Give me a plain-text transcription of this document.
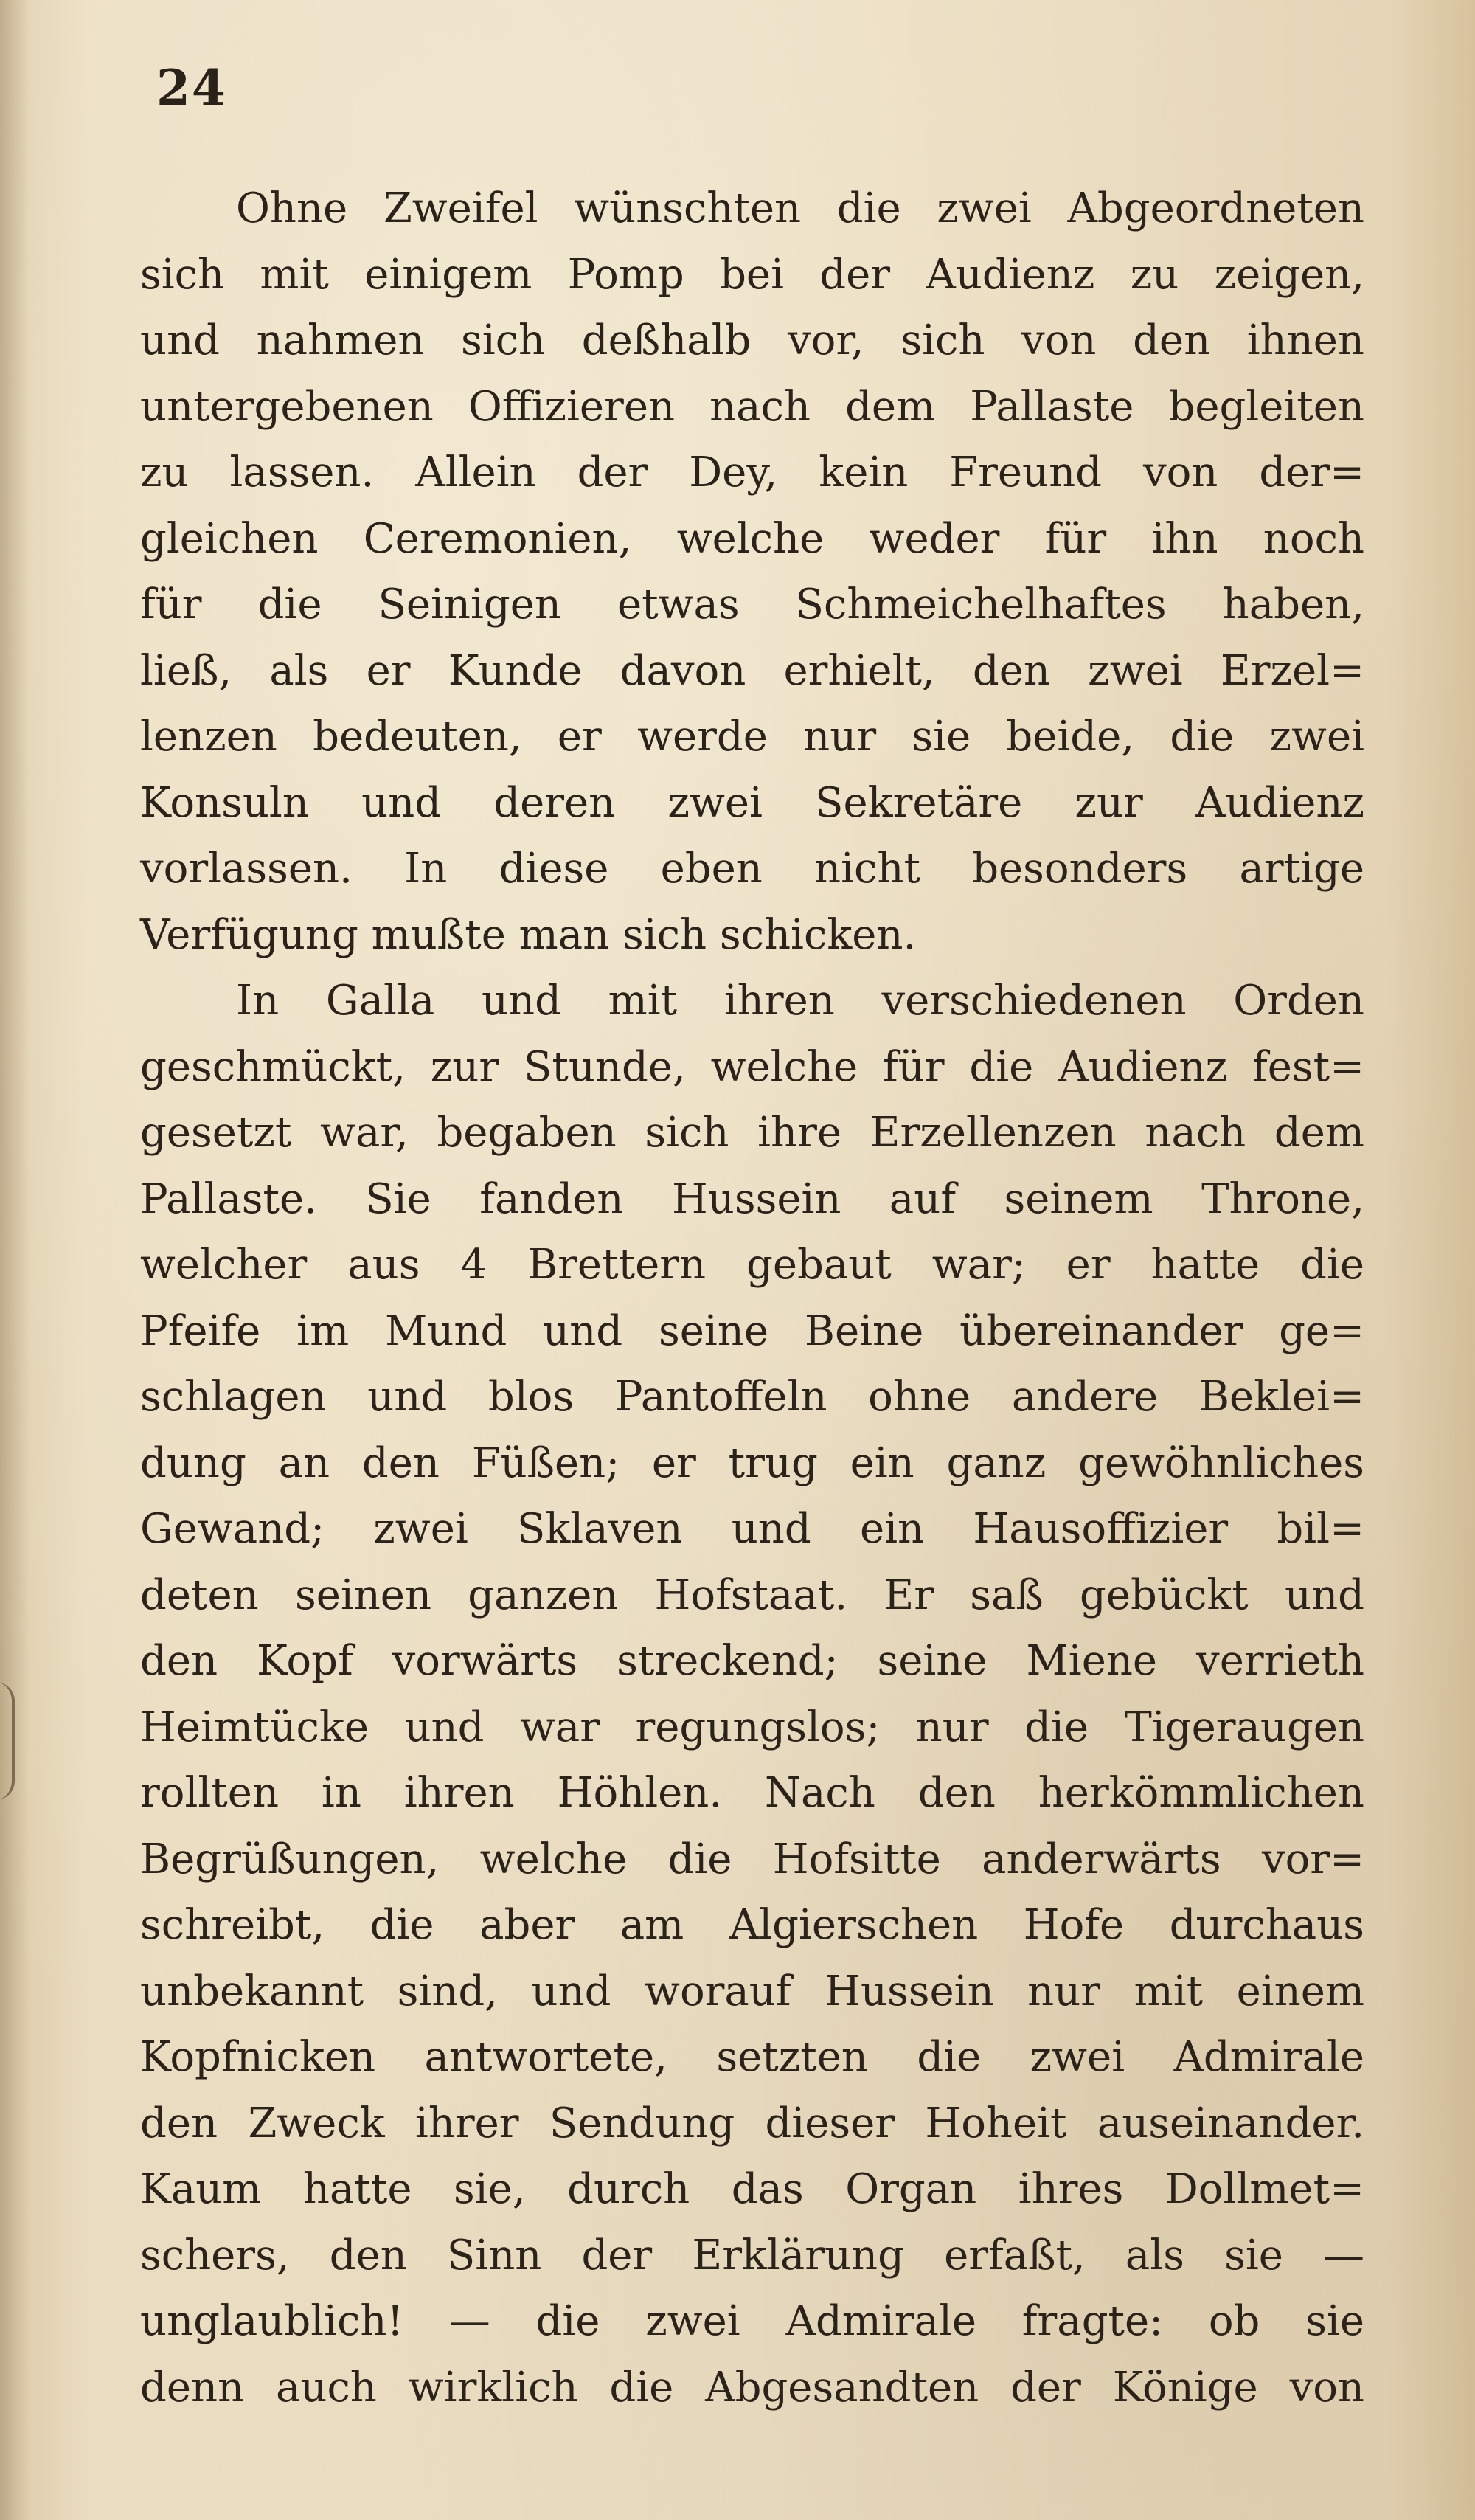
24
Ohne Zweifel wünschten die zwei Abgeordneten
sich mit einigem Pomp bei der Audienz zu zeigen,
und nahmen sich deßhalb vor, sich von den ihnen
untergebenen Offizieren nach dem Pallaste begleiten
zu lassen. Allein der Dey, kein Freund von der=
gleichen Ceremonien, welche weder für ihn noch
für die Seinigen etwas Schmeichelhaftes haben,
ließ, als er Kunde davon erhielt, den zwei Erzel=
lenzen bedeuten, er werde nur sie beide, die zwei
Konsuln und deren zwei Sekretäre zur Audienz
vorlassen. In diese eben nicht besonders artige
Verfügung mußte man sich schicken.
In Galla und mit ihren verschiedenen Orden
geschmückt, zur Stunde, welche für die Audienz fest=
gesetzt war, begaben sich ihre Erzellenzen nach dem
Pallaste. Sie fanden Hussein auf seinem Throne,
welcher aus 4 Brettern gebaut war; er hatte die
Pfeife im Mund und seine Beine übereinander ge=
schlagen und blos Pantoffeln ohne andere Beklei=
dung an den Füßen; er trug ein ganz gewöhnliches
Gewand; zwei Sklaven und ein Hausoffizier bil=
deten seinen ganzen Hofstaat. Er saß gebückt und
den Kopf vorwärts streckend; seine Miene verrieth
Heimtücke und war regungslos; nur die Tigeraugen
rollten in ihren Höhlen. Nach den herkömmlichen
Begrüßungen, welche die Hofsitte anderwärts vor=
schreibt, die aber am Algierschen Hofe durchaus
unbekannt sind, und worauf Hussein nur mit einem
Kopfnicken antwortete, setzten die zwei Admirale
den Zweck ihrer Sendung dieser Hoheit auseinander.
Kaum hatte sie, durch das Organ ihres Dollmet=
schers, den Sinn der Erklärung erfaßt, als sie —
unglaublich! — die zwei Admirale fragte: ob sie
denn auch wirklich die Abgesandten der Könige von
